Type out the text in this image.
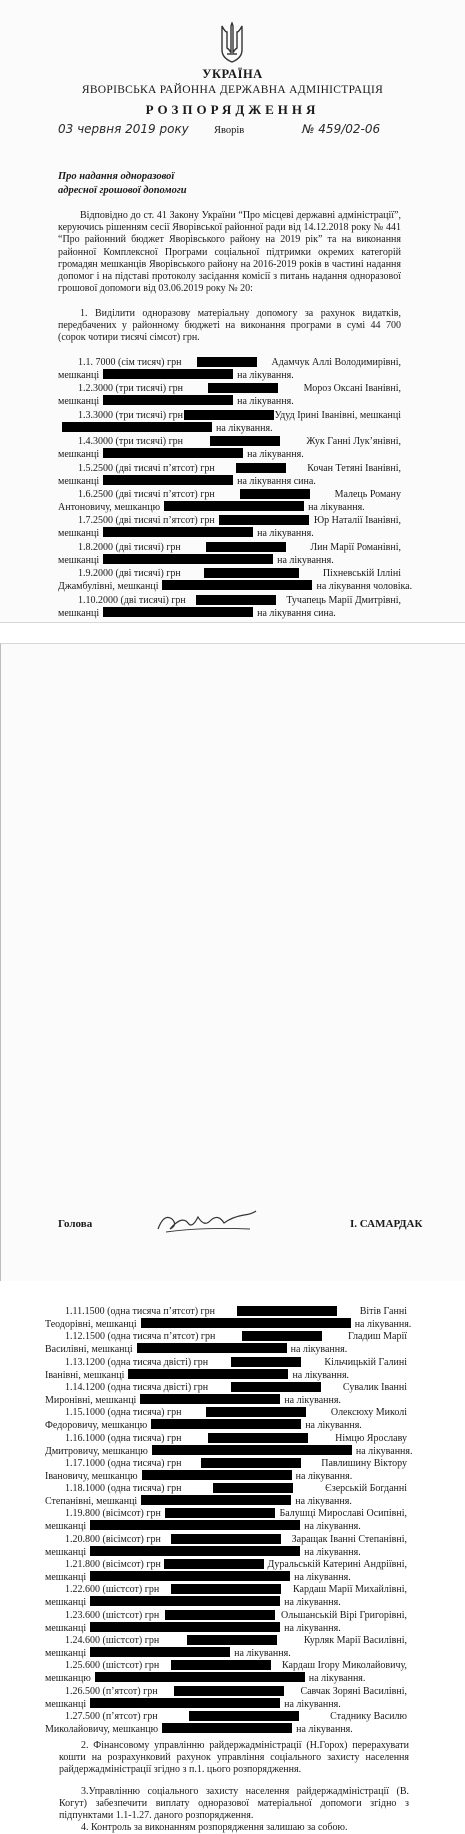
УКРАЇНА
ЯВОРІВСЬКА РАЙОННА ДЕРЖАВНА АДМІНІСТРАЦІЯ
РОЗПОРЯДЖЕННЯ
03 червня 2019 року Яворів	№ 459/02-06
Про надання одноразової
адресної грошової допомоги
Відповідно до ст. 41 Закону України “Про місцеві державні адміністрації”, керуючись рішенням сесії Яворівської районної ради від 14.12.2018 року № 441 “Про районний бюджет Яворівського району на 2019 рік” та на виконання районної Комплексної Програми соціальної підтримки окремих категорій громадян мешканців Яворівського району на 2016-2019 років в частині надання допомог і на підставі протоколу засідання комісії з питань надання одноразової грошової допомоги від 03.06.2019 року № 20:
1. Виділити одноразову матеріальну допомогу за рахунок видатків, передбачених у районному бюджеті на виконання програми в сумі 44 700 (сорок чотири тисячі сімсот) грн.
1.1. 7000 (сім тисяч) грн	Адамчук Аллі Володимирівні,
мешканці	на лікування.
1.2.3000 (три тисячі) грн	Мороз Оксані Іванівні,
мешканці	на лікування.
1.3.3000 (три тисячі) грн	Удуд Ірині Іванівні, мешканці
на лікування.
1.4.3000 (три тисячі) грн	Жук Ганні Лук’янівні,
мешканці	на лікування.
1.5.2500 (дві тисячі п’ятсот) грн	Кочан Тетяні Іванівні,
мешканці	на лікування сина.
1.6.2500 (дві тисячі п’ятсот) грн	Малець Роману
Антоновичу, мешканцю	на лікування.
1.7.2500 (дві тисячі п’ятсот) грн	Юр Наталії Іванівні,
мешканці	на лікування.
1.8.2000 (дві тисячі) грн	Лин Марії Романівні,
мешканці	на лікування.
1.9.2000 (дві тисячі) грн	Піхневській Ілліні
Джамбулівні, мешканці	на лікування чоловіка.
1.10.2000 (дві тисячі) грн	Тучапець Марії Дмитрівні,
мешканці	на лікування сина.
1.11.1500 (одна тисяча п’ятсот) грн	Вітів Ганні
Теодорівні, мешканці	на лікування.
1.12.1500 (одна тисяча п’ятсот) грн	Гладиш Марії
Василівні, мешканці	на лікування.
1.13.1200 (одна тисяча двісті) грн	Кільчицькій Галині
Іванівні, мешканці	на лікування.
1.14.1200 (одна тисяча двісті) грн	Сувалик Іванні
Миронівні, мешканці	на лікування.
1.15.1000 (одна тисяча) грн	Олексюху Миколі
Федоровичу, мешканцю	на лікування.
1.16.1000 (одна тисяча) грн	Німцю Ярославу
Дмитровичу, мешканцю	на лікування.
1.17.1000 (одна тисяча) грн	Павлишину Віктору
Івановичу, мешканцю	на лікування.
1.18.1000 (одна тисяча) грн	Єзерській Богданні
Степанівні, мешканці	на лікування.
1.19.800 (вісімсот) грн	Балушці Мирославі Осипівні,
мешканці	на лікування.
1.20.800 (вісімсот) грн	Заращак Іванні Степанівні,
мешканці	на лікування.
1.21.800 (вісімсот) грн	Дуральській Катерині Андріївні,
мешканці	на лікування.
1.22.600 (шістсот) грн	Кардаш Марії Михайлівні,
мешканці	на лікування.
1.23.600 (шістсот) грн	Ольшанській Вірі Григорівні,
мешканці	на лікування.
1.24.600 (шістсот) грн	Курляк Марії Василівні,
мешканці	на лікування.
1.25.600 (шістсот) грн	Кардаш Ігору Миколайовичу,
мешканцю	на лікування.
1.26.500 (п’ятсот) грн	Савчак Зоряні Василівні,
мешканці	на лікування.
1.27.500 (п’ятсот) грн	Стаднику Василю
Миколайовичу, мешканцю	на лікування.
2. Фінансовому управлінню райдержадміністрації (Н.Горох) перерахувати кошти на розрахунковий рахунок управління соціального захисту населення райдержадміністрації згідно з п.1. цього розпорядження.
3.Управлінню соціального захисту населення райдержадміністрації (В. Когут) забезпечити виплату одноразової матеріальної допомоги згідно з підпунктами 1.1-1.27. даного розпорядження.
4. Контроль за виконанням розпорядження залишаю за собою.
Голова	І. САМАРДАК
